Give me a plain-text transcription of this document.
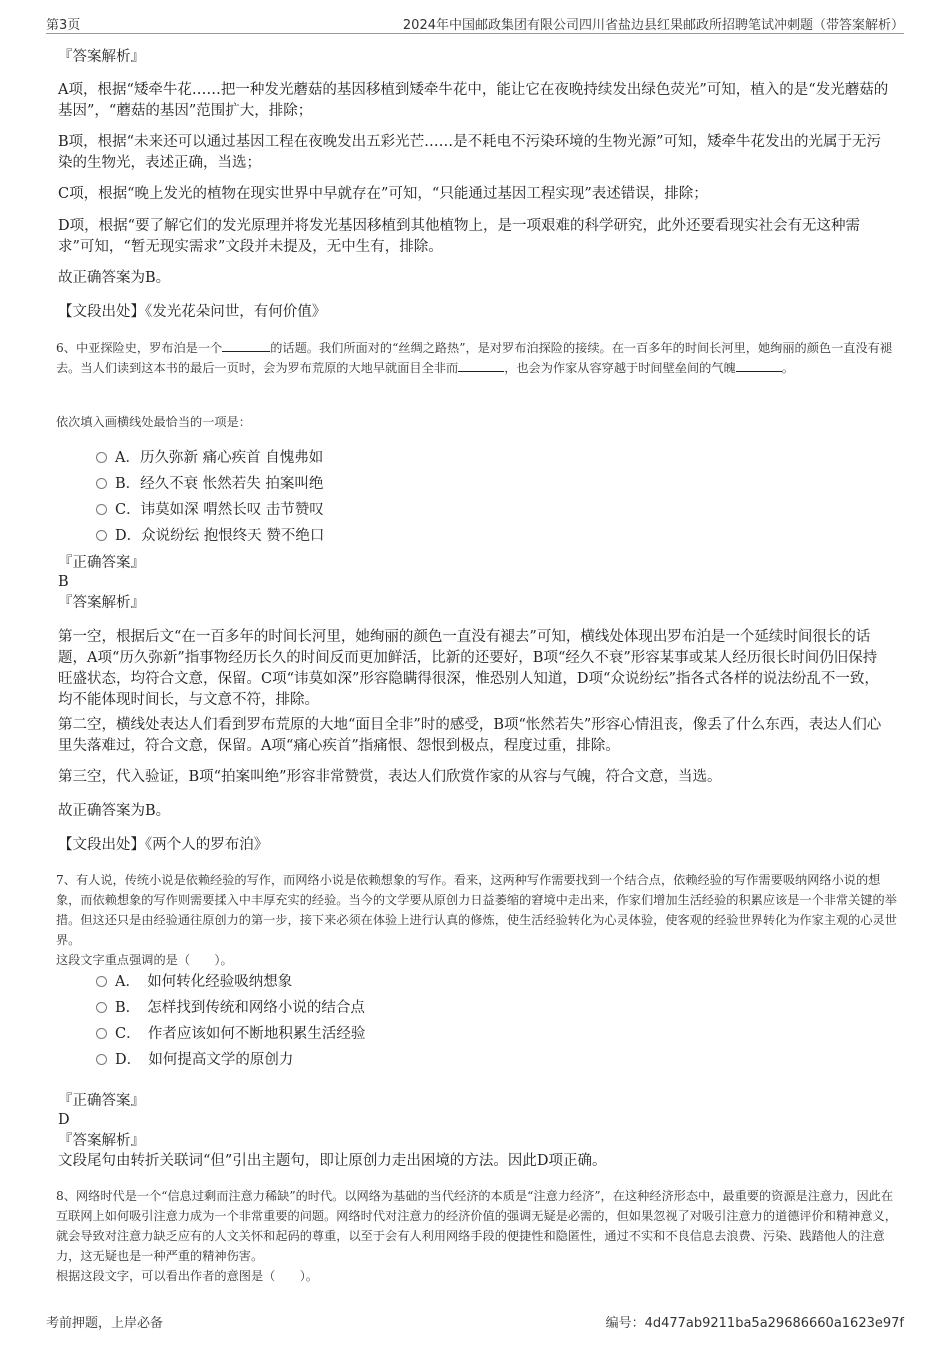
第3页	2024年中国邮政集团有限公司四川省盐边县红果邮政所招聘笔试冲刺题（带答案解析）
『答案解析』
A项，根据“矮牵牛花……把一种发光蘑菇的基因移植到矮牵牛花中，能让它在夜晚持续发出绿色荧光”可知，植入的是“发光蘑菇的基因”，“蘑菇的基因”范围扩大，排除；
B项，根据“未来还可以通过基因工程在夜晚发出五彩光芒……是不耗电不污染环境的生物光源”可知，矮牵牛花发出的光属于无污染的生物光，表述正确，当选；
C项，根据“晚上发光的植物在现实世界中早就存在”可知，“只能通过基因工程实现”表述错误，排除；
D项，根据“要了解它们的发光原理并将发光基因移植到其他植物上，是一项艰难的科学研究，此外还要看现实社会有无这种需求”可知，“暂无现实需求”文段并未提及，无中生有，排除。
故正确答案为B。
【文段出处】《发光花朵问世，有何价值》
6、中亚探险史，罗布泊是一个	的话题。我们所面对的“丝绸之路热”，是对罗布泊探险的接续。在一百多年的时间长河里，她绚丽的颜色一直没有褪去。当人们读到这本书的最后一页时，会为罗布荒原的大地早就面目全非而	，也会为作家从容穿越于时间壁垒间的气魄	。
依次填入画横线处最恰当的一项是：
A．历久弥新 痛心疾首 自愧弗如
B．经久不衰 怅然若失 拍案叫绝
C．讳莫如深 喟然长叹 击节赞叹
D．众说纷纭 抱恨终天 赞不绝口
『正确答案』
B
『答案解析』
第一空，根据后文“在一百多年的时间长河里，她绚丽的颜色一直没有褪去”可知，横线处体现出罗布泊是一个延续时间很长的话题，A项“历久弥新”指事物经历长久的时间反而更加鲜活，比新的还要好，B项“经久不衰”形容某事或某人经历很长时间仍旧保持旺盛状态，均符合文意，保留。C项“讳莫如深”形容隐瞒得很深，惟恐别人知道，D项“众说纷纭”指各式各样的说法纷乱不一致，均不能体现时间长，与文意不符，排除。
第二空，横线处表达人们看到罗布荒原的大地“面目全非”时的感受，B项“怅然若失”形容心情沮丧，像丢了什么东西，表达人们心里失落难过，符合文意，保留。A项“痛心疾首”指痛恨、怨恨到极点，程度过重，排除。
第三空，代入验证，B项“拍案叫绝”形容非常赞赏，表达人们欣赏作家的从容与气魄，符合文意，当选。
故正确答案为B。
【文段出处】《两个人的罗布泊》
7、有人说，传统小说是依赖经验的写作，而网络小说是依赖想象的写作。看来，这两种写作需要找到一个结合点，依赖经验的写作需要吸纳网络小说的想象，而依赖想象的写作则需要揉入中丰厚充实的经验。当今的文学要从原创力日益萎缩的窘境中走出来，作家们增加生活经验的积累应该是一个非常关键的举措。但这还只是由经验通往原创力的第一步，接下来必须在体验上进行认真的修炼，使生活经验转化为心灵体验，使客观的经验世界转化为作家主观的心灵世界。
这段文字重点强调的是（　　）。
A．　如何转化经验吸纳想象
B．　怎样找到传统和网络小说的结合点
C．　作者应该如何不断地积累生活经验
D．　如何提高文学的原创力
『正确答案』
D
『答案解析』
文段尾句由转折关联词“但”引出主题句，即让原创力走出困境的方法。因此D项正确。
8、网络时代是一个“信息过剩而注意力稀缺”的时代。以网络为基础的当代经济的本质是“注意力经济”，在这种经济形态中，最重要的资源是注意力，因此在互联网上如何吸引注意力成为一个非常重要的问题。网络时代对注意力的经济价值的强调无疑是必需的，但如果忽视了对吸引注意力的道德评价和精神意义，就会导致对注意力缺乏应有的人文关怀和起码的尊重，以至于会有人利用网络手段的便捷性和隐匿性，通过不实和不良信息去浪费、污染、践踏他人的注意力，这无疑也是一种严重的精神伤害。
根据这段文字，可以看出作者的意图是（　　）。
考前押题，上岸必备	编号：4d477ab9211ba5a29686660a1623e97f
